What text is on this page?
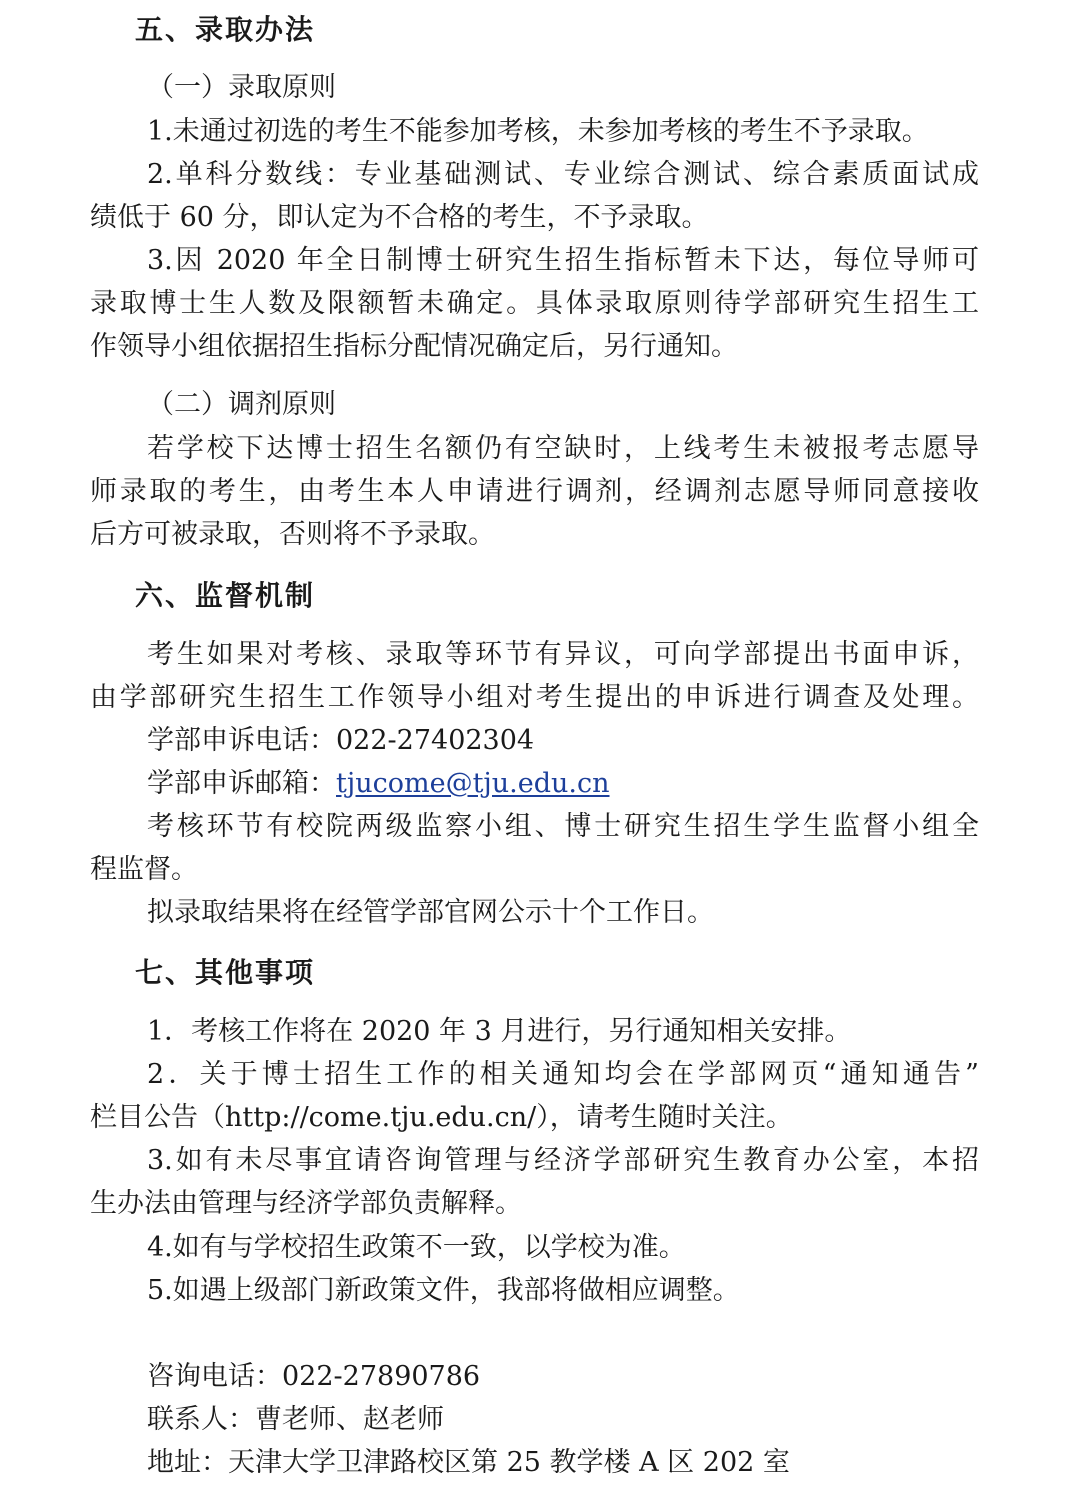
五、录取办法

（一）录取原则

1.未通过初选的考生不能参加考核，未参加考核的考生不予录取。

2.单科分数线：专业基础测试、专业综合测试、综合素质面试成

绩低于 60 分，即认定为不合格的考生，不予录取。

3.因 2020 年全日制博士研究生招生指标暂未下达，每位导师可

录取博士生人数及限额暂未确定。具体录取原则待学部研究生招生工

作领导小组依据招生指标分配情况确定后，另行通知。

（二）调剂原则

若学校下达博士招生名额仍有空缺时，上线考生未被报考志愿导

师录取的考生，由考生本人申请进行调剂，经调剂志愿导师同意接收

后方可被录取，否则将不予录取。

六、监督机制

考生如果对考核、录取等环节有异议，可向学部提出书面申诉，

由学部研究生招生工作领导小组对考生提出的申诉进行调查及处理。

学部申诉电话：022-27402304

学部申诉邮箱：tjucome@tju.edu.cn

考核环节有校院两级监察小组、博士研究生招生学生监督小组全

程监督。

拟录取结果将在经管学部官网公示十个工作日。

七、其他事项

1．考核工作将在 2020 年 3 月进行，另行通知相关安排。

2．关于博士招生工作的相关通知均会在学部网页“通知通告”

栏目公告（http://come.tju.edu.cn/），请考生随时关注。

3.如有未尽事宜请咨询管理与经济学部研究生教育办公室，本招

生办法由管理与经济学部负责解释。

4.如有与学校招生政策不一致，以学校为准。

5.如遇上级部门新政策文件，我部将做相应调整。

咨询电话：022-27890786

联系人：曹老师、赵老师

地址：天津大学卫津路校区第 25 教学楼 A 区 202 室
